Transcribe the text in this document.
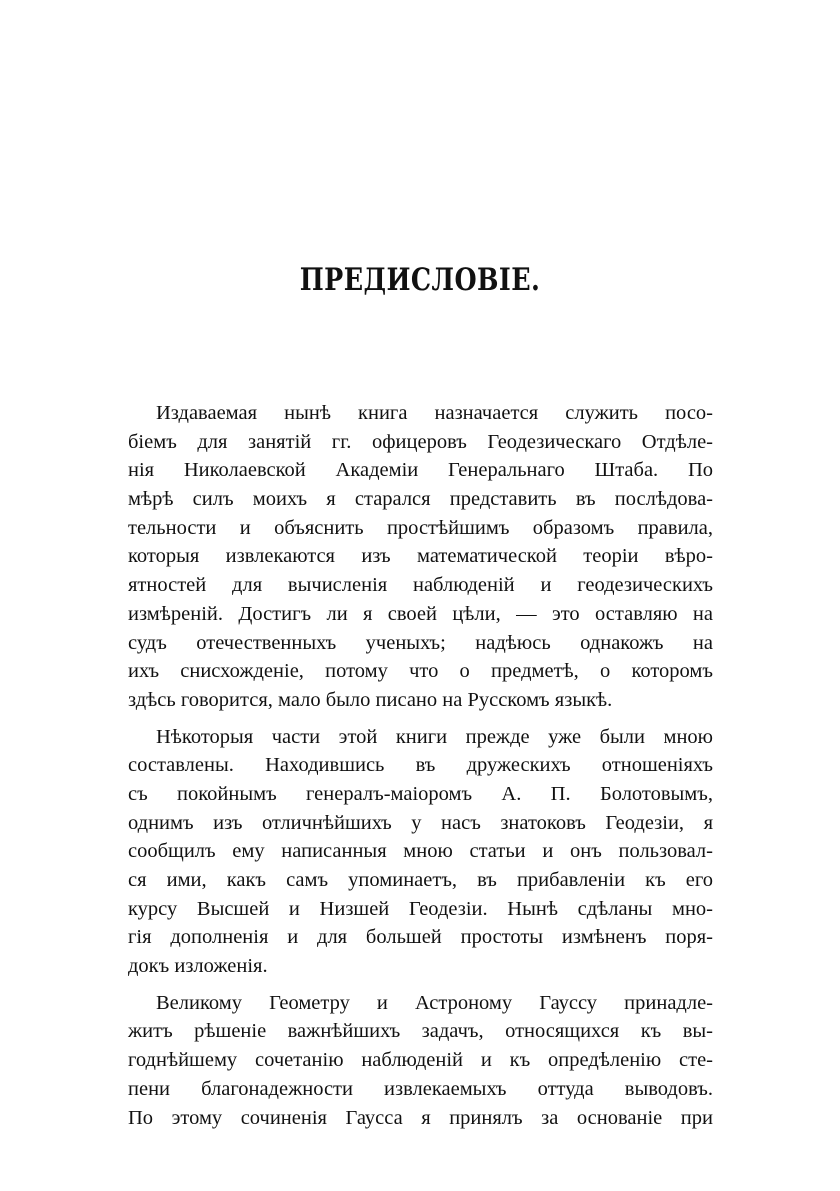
ПРЕДИСЛОВІЕ.
Издаваемая нынѣ книга назначается служить посо-
біемъ для занятій гг. офицеровъ Геодезическаго Отдѣле-
нія Николаевской Академіи Генеральнаго Штаба. По
мѣрѣ силъ моихъ я старался представить въ послѣдова-
тельности и объяснить простѣйшимъ образомъ правила,
которыя извлекаются изъ математической теоріи вѣро-
ятностей для вычисленія наблюденій и геодезическихъ
измѣреній. Достигъ ли я своей цѣли, — это оставляю на
судъ отечественныхъ ученыхъ; надѣюсь однакожъ на
ихъ снисхожденіе, потому что о предметѣ, о которомъ
здѣсь говорится, мало было писано на Русскомъ языкѣ.
Нѣкоторыя части этой книги прежде уже были мною
составлены. Находившись въ дружескихъ отношеніяхъ
съ покойнымъ генералъ-маіоромъ А. П. Болотовымъ,
однимъ изъ отличнѣйшихъ у насъ знатоковъ Геодезіи, я
сообщилъ ему написанныя мною статьи и онъ пользовал-
ся ими, какъ самъ упоминаетъ, въ прибавленіи къ его
курсу Высшей и Низшей Геодезіи. Нынѣ сдѣланы мно-
гія дополненія и для большей простоты измѣненъ поря-
докъ изложенія.
Великому Геометру и Астроному Гауссу принадле-
житъ рѣшеніе важнѣйшихъ задачъ, относящихся къ вы-
годнѣйшему сочетанію наблюденій и къ опредѣленію сте-
пени благонадежности извлекаемыхъ оттуда выводовъ.
По этому сочиненія Гаусса я принялъ за основаніе при
